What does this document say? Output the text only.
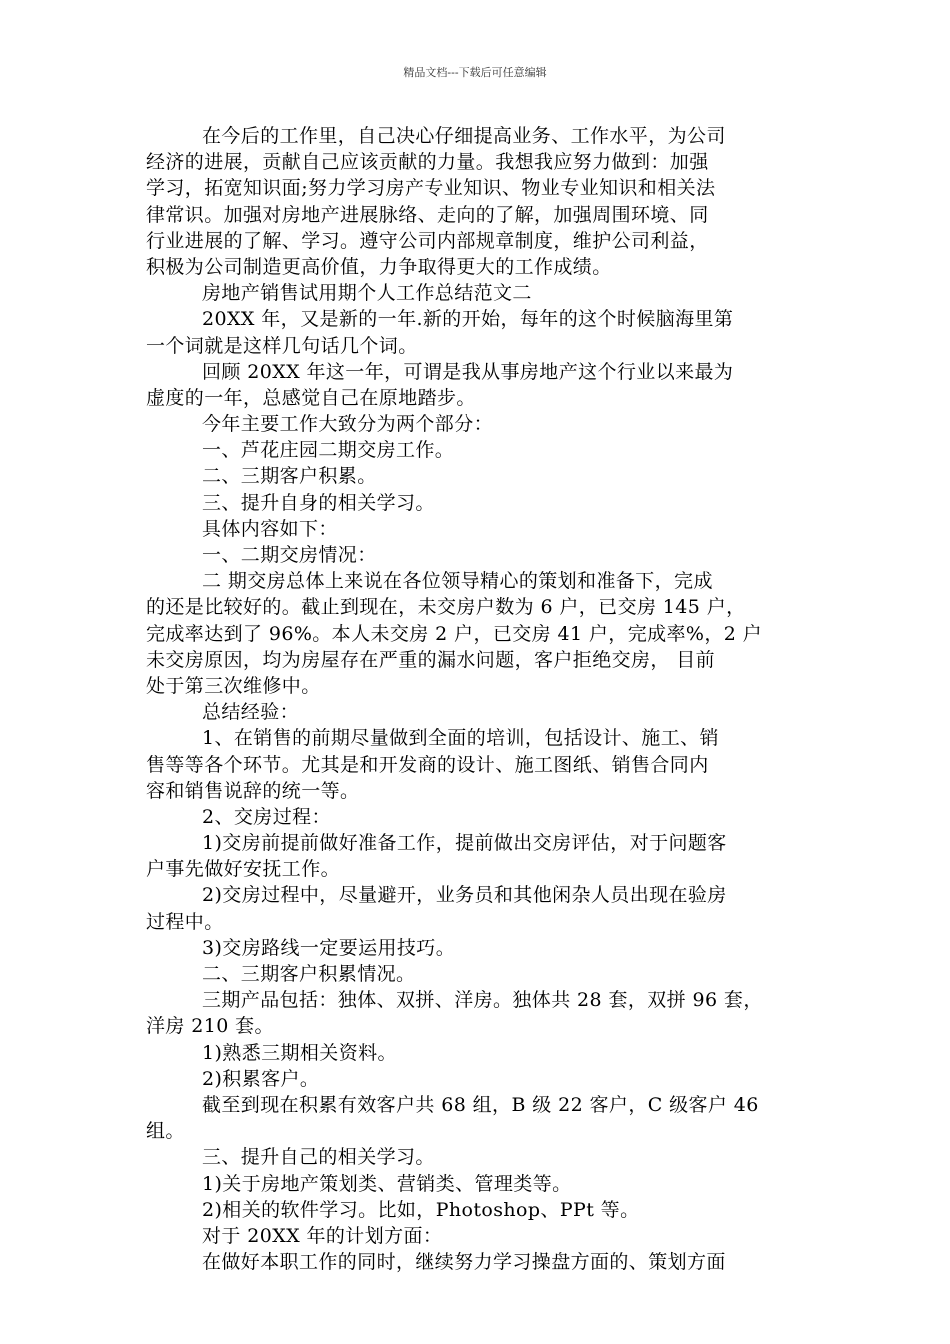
精品文档---下载后可任意编辑
在今后的工作里，自己决心仔细提高业务、工作水平，为公司
经济的进展，贡献自己应该贡献的力量。我想我应努力做到：加强
学习，拓宽知识面;努力学习房产专业知识、物业专业知识和相关法
律常识。加强对房地产进展脉络、走向的了解，加强周围环境、同
行业进展的了解、学习。遵守公司内部规章制度，维护公司利益，
积极为公司制造更高价值，力争取得更大的工作成绩。
房地产销售试用期个人工作总结范文二
20XX 年，又是新的一年.新的开始，每年的这个时候脑海里第
一个词就是这样几句话几个词。
回顾 20XX 年这一年，可谓是我从事房地产这个行业以来最为
虚度的一年，总感觉自己在原地踏步。
今年主要工作大致分为两个部分：
一、芦花庄园二期交房工作。
二、三期客户积累。
三、提升自身的相关学习。
具体内容如下：
一、二期交房情况：
二 期交房总体上来说在各位领导精心的策划和准备下，完成
的还是比较好的。截止到现在，未交房户数为 6 户，已交房 145 户，
完成率达到了 96%。本人未交房 2 户，已交房 41 户，完成率%，2 户
未交房原因，均为房屋存在严重的漏水问题，客户拒绝交房， 目前
处于第三次维修中。
总结经验：
1、在销售的前期尽量做到全面的培训，包括设计、施工、销
售等等各个环节。尤其是和开发商的设计、施工图纸、销售合同内
容和销售说辞的统一等。
2、交房过程：
1)交房前提前做好准备工作，提前做出交房评估，对于问题客
户事先做好安抚工作。
2)交房过程中，尽量避开，业务员和其他闲杂人员出现在验房
过程中。
3)交房路线一定要运用技巧。
二、三期客户积累情况。
三期产品包括：独体、双拼、洋房。独体共 28 套，双拼 96 套，
洋房 210 套。
1)熟悉三期相关资料。
2)积累客户。
截至到现在积累有效客户共 68 组，B 级 22 客户，C 级客户 46
组。
三、提升自己的相关学习。
1)关于房地产策划类、营销类、管理类等。
2)相关的软件学习。比如，Photoshop、PPt 等。
对于 20XX 年的计划方面：
在做好本职工作的同时，继续努力学习操盘方面的、策划方面
